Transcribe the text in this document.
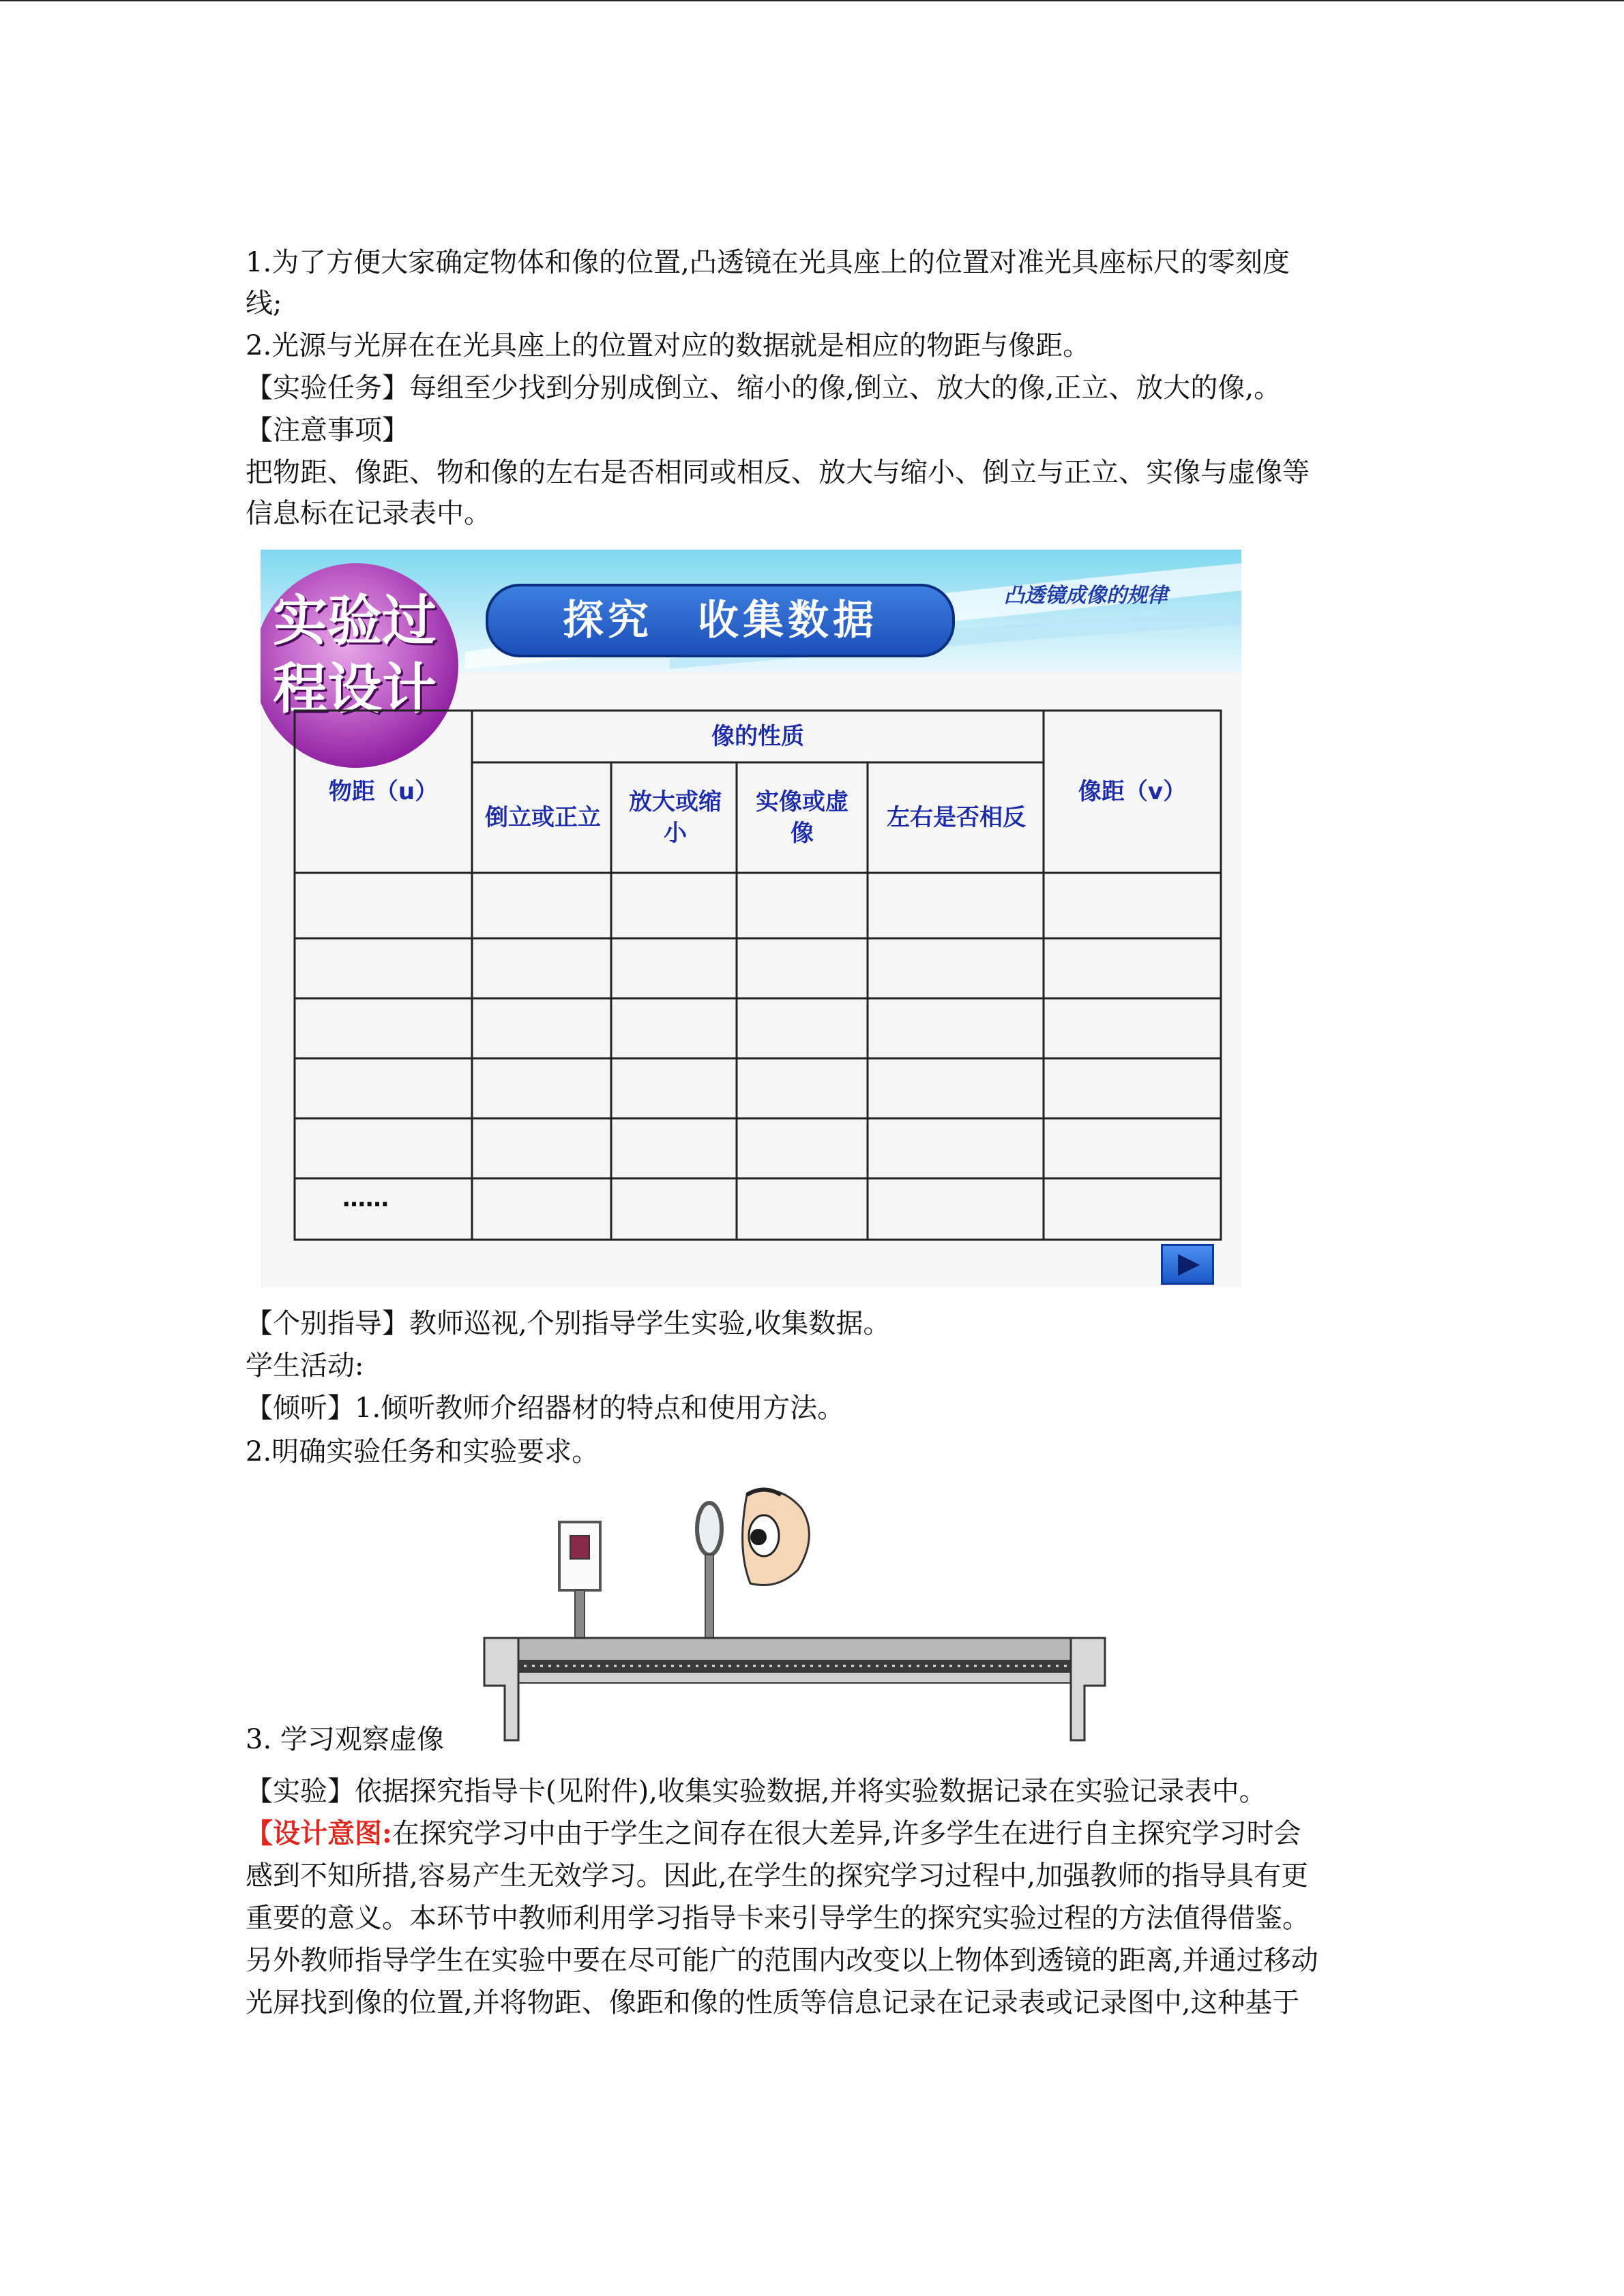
1.为了方便大家确定物体和像的位置,凸透镜在光具座上的位置对准光具座标尺的零刻度
线;
2.光源与光屏在在光具座上的位置对应的数据就是相应的物距与像距。
【实验任务】每组至少找到分别成倒立、缩小的像,倒立、放大的像,正立、放大的像,。
【注意事项】
把物距、像距、物和像的左右是否相同或相反、放大与缩小、倒立与正立、实像与虚像等
信息标在记录表中。
实验过
程设计
探究　收集数据
凸透镜成像的规律
物距（u）
像的性质
倒立或正立
放大或缩小
实像或虚像
左右是否相反
像距（v）
……
【个别指导】教师巡视,个别指导学生实验,收集数据。
学生活动:
【倾听】1.倾听教师介绍器材的特点和使用方法。
2.明确实验任务和实验要求。
3. 学习观察虚像
【实验】依据探究指导卡(见附件),收集实验数据,并将实验数据记录在实验记录表中。
【设计意图:在探究学习中由于学生之间存在很大差异,许多学生在进行自主探究学习时会
感到不知所措,容易产生无效学习。因此,在学生的探究学习过程中,加强教师的指导具有更
重要的意义。本环节中教师利用学习指导卡来引导学生的探究实验过程的方法值得借鉴。
另外教师指导学生在实验中要在尽可能广的范围内改变以上物体到透镜的距离,并通过移动
光屏找到像的位置,并将物距、像距和像的性质等信息记录在记录表或记录图中,这种基于
